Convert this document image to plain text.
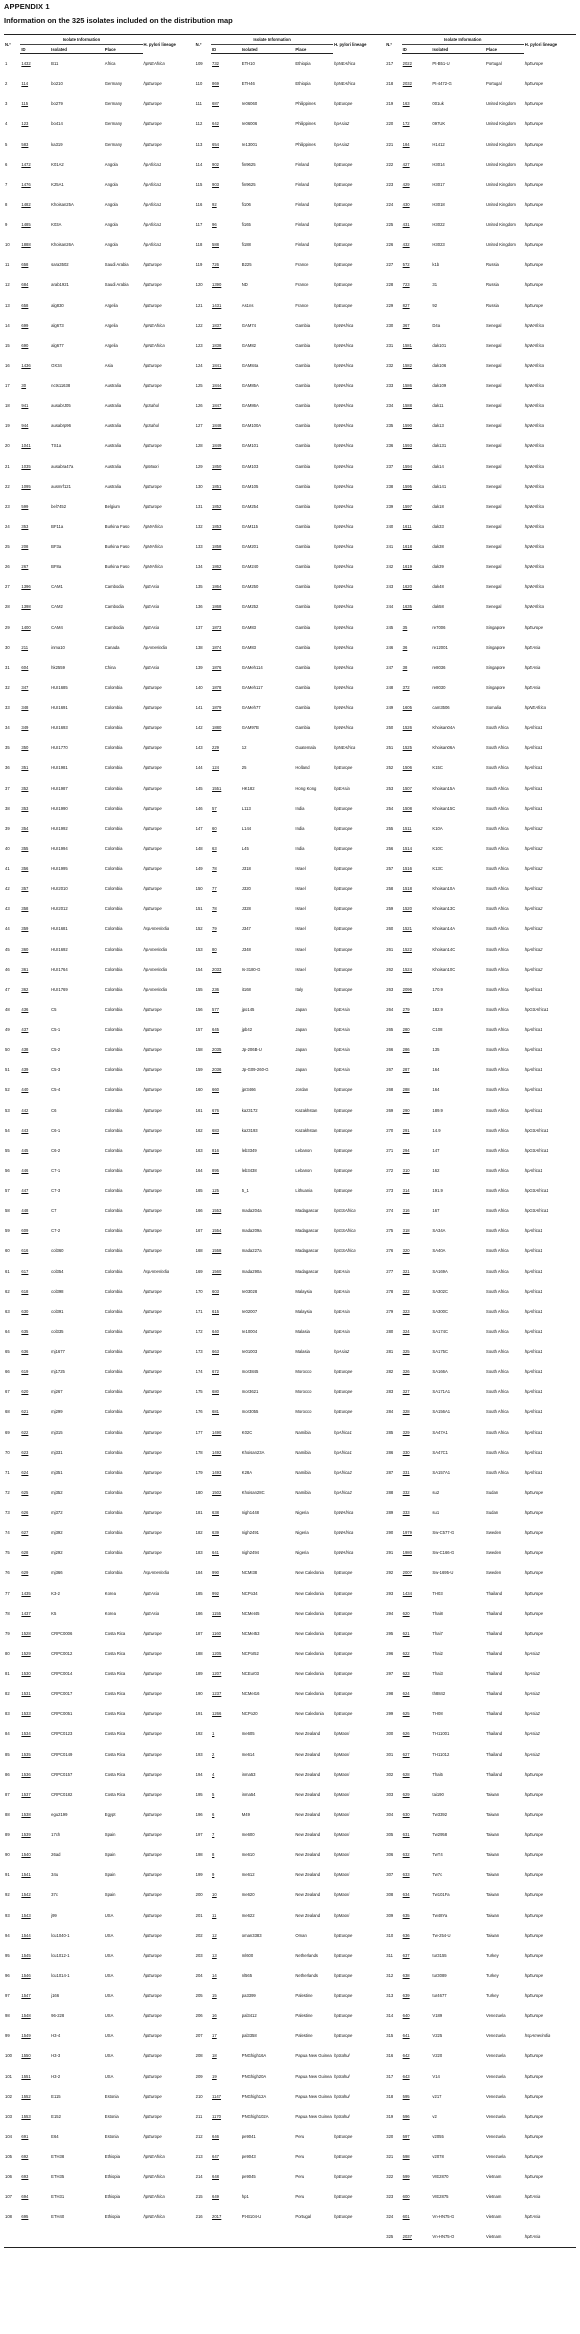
APPENDIX 1
Information on the 325 isolates included on the distribution map
N.º	Isolate Information			H. pylori lineage	N.º	Isolate Information			H. pylori lineage	N.º	Isolate Information			H. pylori lineage
	ID	Isolated	Place			ID	Isolated	Place			ID	Isolated	Place	
1	1432	B11	Africa	hpNEAfrica	109	732	ETH10	Ethiopia	hpNEAfrica	217	2022	Pt-B51-U	Portugal	hpEurope
2	114	bo210	Germany	hpEurope	110	869	ETH46	Ethiopia	hpNEAfrica	218	2032	Pt-4472-G	Portugal	hpEurope
3	115	bo279	Germany	hpEurope	111	687	re06060	Philippines	hpEurope	219	163	001uk	United Kingdom	hpEurope
4	123	bo414	Germany	hpEurope	112	642	re06006	Philippines	hpAsia2	220	172	097UK	United Kingdom	hpEurope
5	583	ka319	Germany	hpEurope	113	654	re13001	Philippines	hpAsia2	221	184	H1412	United Kingdom	hpEurope
6	1472	K01A2	Angola	hpAfrica1	114	902	fin9625	Finland	hpEurope	222	427	H3014	United Kingdom	hpEurope
7	1476	K25A1	Angola	hpAfrica1	115	903	fin9625	Finland	hpEurope	223	429	H3017	United Kingdom	hpEurope
8	1482	Khoisan25A	Angola	hpAfrica1	116	92	fi106	Finland	hpEurope	224	430	H3018	United Kingdom	hpEurope
9	1485	K03A	Angola	hpAfrica1	117	96	fi165	Finland	hpEurope	225	431	H3022	United Kingdom	hpEurope
10	1888	Khoisan26A	Angola	hpAfrica1	118	588	fi188	Finland	hpEurope	226	432	H3023	United Kingdom	hpEurope
11	658	sara3502	Saudi Arabia	hpEurope	119	726	B225	France	hpEurope	227	572	k1b	Russia	hpEurope
12	684	arab1921	Saudi Arabia	hpEurope	120	1390	ND	France	hpEurope	228	723	31	Russia	hpEurope
13	658	alg830	Argelia	hpEurope	121	1431	As1ns	France	hpEurope	229	827	92	Russia	hpEurope
14	699	alg673	Argelia	hpNEAfrica	122	1837	GAM74	Gambia	hpWAfrica	230	367	D4a	Senegal	hpWAfrica
15	690	alg677	Argelia	hpNEAfrica	123	1838	GAM82	Gambia	hpWAfrica	231	1581	dak101	Senegal	hpWAfrica
16	1436	OX34	Asia	hpEurope	124	1841	GAM84a	Gambia	hpWAfrica	232	1582	dak106	Senegal	hpWAfrica
17	30	ncts11638	Australia	hpEurope	125	1844	GAM85A	Gambia	hpWAfrica	233	1586	dak109	Senegal	hpWAfrica
18	941	ausabrJ05	Australia	hpSahul	126	1847	GAM86A	Gambia	hpWAfrica	234	1588	dak11	Senegal	hpWAfrica
19	944	ausabrp96	Australia	hpSahul	127	1848	GAM100A	Gambia	hpWAfrica	235	1590	dak13	Senegal	hpWAfrica
20	1041	TS1a	Australia	hpEurope	128	1849	GAM101	Gambia	hpWAfrica	236	1593	dak131	Senegal	hpWAfrica
21	1035	ausabra47a	Australia	hpMaori	129	1850	GAM103	Gambia	hpWAfrica	237	1594	dak14	Senegal	hpWAfrica
22	1095	ausmrf121	Australia	hpEurope	130	1851	GAM105	Gambia	hpWAfrica	238	1595	dak141	Senegal	hpWAfrica
23	599	bel7452	Belgium	hpEurope	131	1852	GAM254	Gambia	hpWAfrica	239	1597	dak18	Senegal	hpWAfrica
24	353	BF11a	Burkina Faso	hpWAfrica	132	1853	GAM115	Gambia	hpWAfrica	240	1611	dak33	Senegal	hpWAfrica
25	208	BF3a	Burkina Faso	hpWAfrica	133	1858	GAM201	Gambia	hpWAfrica	241	1618	dak38	Senegal	hpWAfrica
26	267	BF8a	Burkina Faso	hpWAfrica	134	1862	GAM240	Gambia	hpWAfrica	242	1619	dak39	Senegal	hpWAfrica
27	1396	CAM1	Cambodia	hpEAsia	135	1864	GAM250	Gambia	hpWAfrica	243	1620	dak48	Senegal	hpWAfrica
28	1398	CAM2	Cambodia	hpEAsia	136	1868	GAM252	Gambia	hpWAfrica	244	1635	dak58	Senegal	hpWAfrica
29	1400	CAM4	Cambodia	hpEAsia	137	1873	GAM83	Gambia	hpWAfrica	245	35	re7006	Singapore	hpEurope
30	211	inma10	Canada	hpAmerindia	138	1874	GAM83	Gambia	hpWAfrica	246	36	re12001	Singapore	hpEAsia
31	604	hk2559	China	hpEAsia	139	1876	GAMeh114	Gambia	hpWAfrica	247	38	re8036	Singapore	hpEAsia
32	347	HUI1685	Colombia	hpEurope	140	1878	GAMeh117	Gambia	hpWAfrica	248	372	re8030	Singapore	hpEAsia
33	348	HUI1691	Colombia	hpEurope	141	1879	GAMeh77	Gambia	hpWAfrica	249	1605	cam3506	Somalia	hpNEAfrica
34	349	HUI1693	Colombia	hpEurope	142	1880	GAM97B	Gambia	hpWAfrica	250	1526	Khoisan04A	South Africa	hpAfrica1
35	350	HUI1770	Colombia	hpEurope	143	229	12	Guatemala	hpNEAfrica	251	1525	Khoisan06A	South Africa	hpAfrica1
36	351	HUI1981	Colombia	hpEurope	144	124	25	Holland	hpEurope	252	1506	K15C	South Africa	hpAfrica1
37	352	HUI1987	Colombia	hpEurope	145	1551	HK182	Hong Kong	hpEAsia	253	1507	Khoisan15A	South Africa	hpAfrica1
38	353	HUI1990	Colombia	hpEurope	146	57	L113	India	hpEurope	254	1508	Khoisan15C	South Africa	hpAfrica1
39	354	HUI1992	Colombia	hpEurope	147	60	L144	India	hpEurope	255	1511	K10A	South Africa	hpAfrica2
40	355	HUI1994	Colombia	hpEurope	148	63	L45	India	hpEurope	256	1514	K10C	South Africa	hpAfrica2
41	356	HUI1995	Colombia	hpEurope	149	78	J318	Israel	hpEurope	257	1516	K13C	South Africa	hpAfrica2
42	357	HUI2010	Colombia	hpEurope	150	77	J320	Israel	hpEurope	258	1518	Khoisan10A	South Africa	hpAfrica2
43	358	HUI2012	Colombia	hpEurope	151	78	J328	Israel	hpEurope	259	1520	Khoisan13C	South Africa	hpAfrica2
44	359	HUI1681	Colombia	hspAmerindia	152	79	J347	Israel	hpEurope	260	1521	Khoisan14A	South Africa	hpAfrica2
45	360	HUI1692	Colombia	hpAmerindia	153	80	J348	Israel	hpEurope	261	1522	Khoisan14C	South Africa	hpAfrica2
46	361	HUI1764	Colombia	hpAmerindia	154	2033	Is-3180-G	Israel	hpEurope	262	1524	Khoisan10C	South Africa	hpAfrica2
47	362	HUI1769	Colombia	hpAmerindia	155	236	it168	Italy	hpEurope	263	2096	170.9	South Africa	hpAfrica1
48	436	C5	Colombia	hpEurope	156	577	jpo145	Japan	hpEAsia	264	279	182.9	South Africa	hpGSAfrica1
49	437	C5-1	Colombia	hpEurope	157	645	jpb42	Japan	hpEAsia	265	280	C108	South Africa	hpAfrica1
50	438	C5-2	Colombia	hpEurope	158	2035	Jp-206B-U	Japan	hpEAsia	266	286	135	South Africa	hpAfrica1
51	439	C5-3	Colombia	hpEurope	159	2036	Jp-G09-260-G	Japan	hpEAsia	267	287	164	South Africa	hpAfrica1
52	440	C5-4	Colombia	hpEurope	160	660	jpr3466	Jordan	hpEurope	268	288	164	South Africa	hpAfrica1
53	442	C6	Colombia	hpEurope	161	676	kaz3172	Kazakhstan	hpEurope	269	290	189.9	South Africa	hpAfrica1
54	443	C6-1	Colombia	hpEurope	162	683	kaz3193	Kazakhstan	hpEurope	270	291	14.9	South Africa	hpGSAfrica1
55	445	C6-2	Colombia	hpEurope	163	816	leb3349	Lebanon	hpEurope	271	294	147	South Africa	hpGSAfrica1
56	446	C7-1	Colombia	hpEurope	164	895	leb3438	Lebanon	hpEurope	272	310	162	South Africa	hpAfrica1
57	447	C7-3	Colombia	hpEurope	165	125	5_1	Lithuania	hpEurope	273	314	191.9	South Africa	hpGSAfrica1
58	448	C7	Colombia	hpEurope	166	1553	mada204a	Madagascar	hpGSAfrica	274	316	167	South Africa	hpGSAfrica1
59	609	C7-2	Colombia	hpEurope	167	1554	mada209a	Madagascar	hpGSAfrica	275	318	SA34A	South Africa	hpAfrica1
60	616	col360	Colombia	hpEurope	168	1558	mada227a	Madagascar	hpGSAfrica	276	320	SA40A	South Africa	hpAfrica1
61	617	col354	Colombia	hspAmerindia	169	1560	mada290a	Madagascar	hpEAsia	277	321	SA169A	South Africa	hpAfrica1
62	618	col398	Colombia	hpEurope	170	603	re03028	Malaysia	hpEAsia	278	322	SA302C	South Africa	hpAfrica1
63	630	col391	Colombia	hpEurope	171	615	re02007	Malaysia	hpEAsia	279	323	SA300C	South Africa	hpAfrica1
64	635	col335	Colombia	hpEurope	172	640	re10004	Malasia	hpEAsia	280	324	SA174C	South Africa	hpAfrica1
65	636	mj1677	Colombia	hpEurope	173	663	re01003	Malasia	hpAsia2	281	325	SA175C	South Africa	hpAfrica1
66	619	mj1725	Colombia	hpEurope	174	672	mor3845	Morocco	hpEurope	282	326	SA166A	South Africa	hpAfrica1
67	620	mj267	Colombia	hpEurope	175	680	mor3621	Morocco	hpEurope	283	327	SA171A1	South Africa	hpAfrica1
68	621	mj299	Colombia	hpEurope	176	681	mor3055	Morocco	hpEurope	284	328	SA156A1	South Africa	hpAfrica1
69	622	mj315	Colombia	hpEurope	177	1490	K02C	Namibia	hpAfrica1	285	329	SA47A1	South Africa	hpAfrica1
70	623	mj331	Colombia	hpEurope	178	1492	Khoisan23A	Namibia	hpAfrica1	286	330	SA47C1	South Africa	hpAfrica1
71	624	mj351	Colombia	hpEurope	179	1493	K28A	Namibia	hpAfrica2	287	331	SA157A1	South Africa	hpAfrica1
72	625	mj352	Colombia	hpEurope	180	1502	Khoisan28C	Namibia	hpAfrica2	288	332	su2	Sudan	hpEurope
73	626	mj372	Colombia	hpEurope	181	638	nigh1448	Nigeria	hpWAfrica	289	333	su1	Sudan	hpEurope
74	627	mj392	Colombia	hpEurope	182	639	nigh2491	Nigeria	hpWAfrica	290	1979	Sw-C577-G	Sweden	hpEurope
75	628	mj292	Colombia	hpEurope	183	641	nigh2494	Nigeria	hpWAfrica	291	1980	Sw-C166-G	Sweden	hpEurope
76	629	mj366	Colombia	hspAmerindia	184	990	NCMI38	New Caledonia	hpEurope	292	2007	Sw-1695-U	Sweden	hpEurope
77	1435	K3-2	Korea	hpEAsia	185	992	NCPo34	New Caledonia	hpEurope	293	1434	TH03	Thailand	hpEurope
78	1437	K5	Korea	hpEAsia	186	1155	NCMeI45	New Caledonia	hpEurope	294	620	Thai8	Thailand	hpEurope
79	1528	CRPC0006	Costa Rica	hpEurope	187	1160	NCMeI53	New Caledonia	hpEurope	295	621	Thai7	Thailand	hpEurope
80	1529	CRPC0012	Costa Rica	hpEurope	188	1205	NCPoI52	New Caledonia	hpEurope	296	622	Thai2	Thailand	hpAsia2
81	1530	CRPC0014	Costa Rica	hpEurope	189	1207	NCEur03	New Caledonia	hpEurope	297	623	Thai3	Thailand	hpAsia2
82	1531	CRPC0017	Costa Rica	hpEurope	190	1237	NCMeI16	New Caledonia	hpEurope	298	624	th8842	Thailand	hpAsia2
83	1533	CRPC0051	Costa Rica	hpEurope	191	1266	NCPo20	New Caledonia	hpEurope	299	625	TH08	Thailand	hpAsia2
84	1534	CRPC0123	Costa Rica	hpEurope	192	1	me605	New Zealand	hpMaori	300	626	TH11001	Thailand	hpAsia2
85	1535	CRPC0149	Costa Rica	hpEurope	193	2	me614	New Zealand	hpMaori	301	627	TH11012	Thailand	hpAsia2
86	1536	CRPC0157	Costa Rica	hpEurope	194	4	inma53	New Zealand	hpMaori	302	628	Thai5	Thailand	hpEurope
87	1537	CRPC0182	Costa Rica	hpEurope	195	5	inma54	New Zealand	hpMaori	303	629	tai190	Taiwan	hpEurope
88	1538	egu2199	Egypt	hpEurope	196	6	M49	New Zealand	hpMaori	304	630	Tw3392	Taiwan	hpEurope
89	1539	17ch	Spain	hpEurope	197	7	me600	New Zealand	hpMaori	305	631	Tw2958	Taiwan	hpEurope
90	1540	26ad	Spain	hpEurope	198	8	me610	New Zealand	hpMaori	306	632	TwT4	Taiwan	hpEurope
91	1541	34u	Spain	hpEurope	199	9	me612	New Zealand	hpMaori	307	633	Tw7c	Taiwan	hpEurope
92	1542	37c	Spain	hpEurope	200	10	me620	New Zealand	hpMaori	308	634	Tw101Fa	Taiwan	hpEurope
93	1543	j99	USA	hpEurope	201	11	me622	New Zealand	hpMaori	309	635	Tw48Ya	Taiwan	hpEurope
94	1544	lcu1040-1	USA	hpEurope	202	12	oman3383	Oman	hpEurope	310	636	Tw-254-U	Taiwan	hpEurope
95	1545	lcu1012-1	USA	hpEurope	203	13	ml600	Netherlands	hpEurope	311	637	tur3155	Turkey	hpEurope
96	1546	lcu1014-1	USA	hpEurope	204	14	nl565	Netherlands	hpEurope	312	638	tur3089	Turkey	hpEurope
97	1547	j166	USA	hpEurope	205	15	pa3399	Palestine	hpEurope	313	639	tur4677	Turkey	hpEurope
98	1548	96-228	USA	hpEurope	206	16	pal3412	Palestine	hpEurope	314	640	V189	Venezuela	hpEurope
99	1549	H3-4	USA	hpEurope	207	17	pal3358	Palestine	hpEurope	315	641	V225	Venezuela	hspAmerindia
100	1550	H3-3	USA	hpEurope	208	18	PNGhigh16A	Papua New Guinea	hpSahul	316	642	V220	Venezuela	hpEurope
101	1551	H3-2	USA	hpEurope	209	19	PNGhigh20A	Papua New Guinea	hpSahul	317	643	V14	Venezuela	hpEurope
102	1552	E115	Estonia	hpEurope	210	1147	PNGhigh12A	Papua New Guinea	hpSahul	318	595	v217	Venezuela	hpEurope
103	1553	E152	Estonia	hpEurope	211	1170	PNGhigh102A	Papua New Guinea	hpSahul	319	596	v2	Venezuela	hpEurope
104	691	E64	Estonia	hpEurope	212	646	pe9041	Peru	hpEurope	320	597	v2055	Venezuela	hpEurope
105	692	ETH38	Ethiopia	hpNEAfrica	213	647	pe9043	Peru	hpEurope	321	598	v2078	Venezuela	hpEurope
106	693	ETH35	Ethiopia	hpNEAfrica	214	648	pe9045	Peru	hpEurope	322	599	VIE2870	Vietnam	hpEurope
107	694	ETH31	Ethiopia	hpNEAfrica	215	649	hp1	Peru	hpEurope	323	600	VIE2875	Vietnam	hpEAsia
108	695	ETH40	Ethiopia	hpNEAfrica	216	2017	Pt-B104-U	Portugal	hpEurope	324	601	Vn-HN75-G	Vietnam	hpEAsia
										325	2037	Vn-HN75-O	Vietnam	hpEAsia
